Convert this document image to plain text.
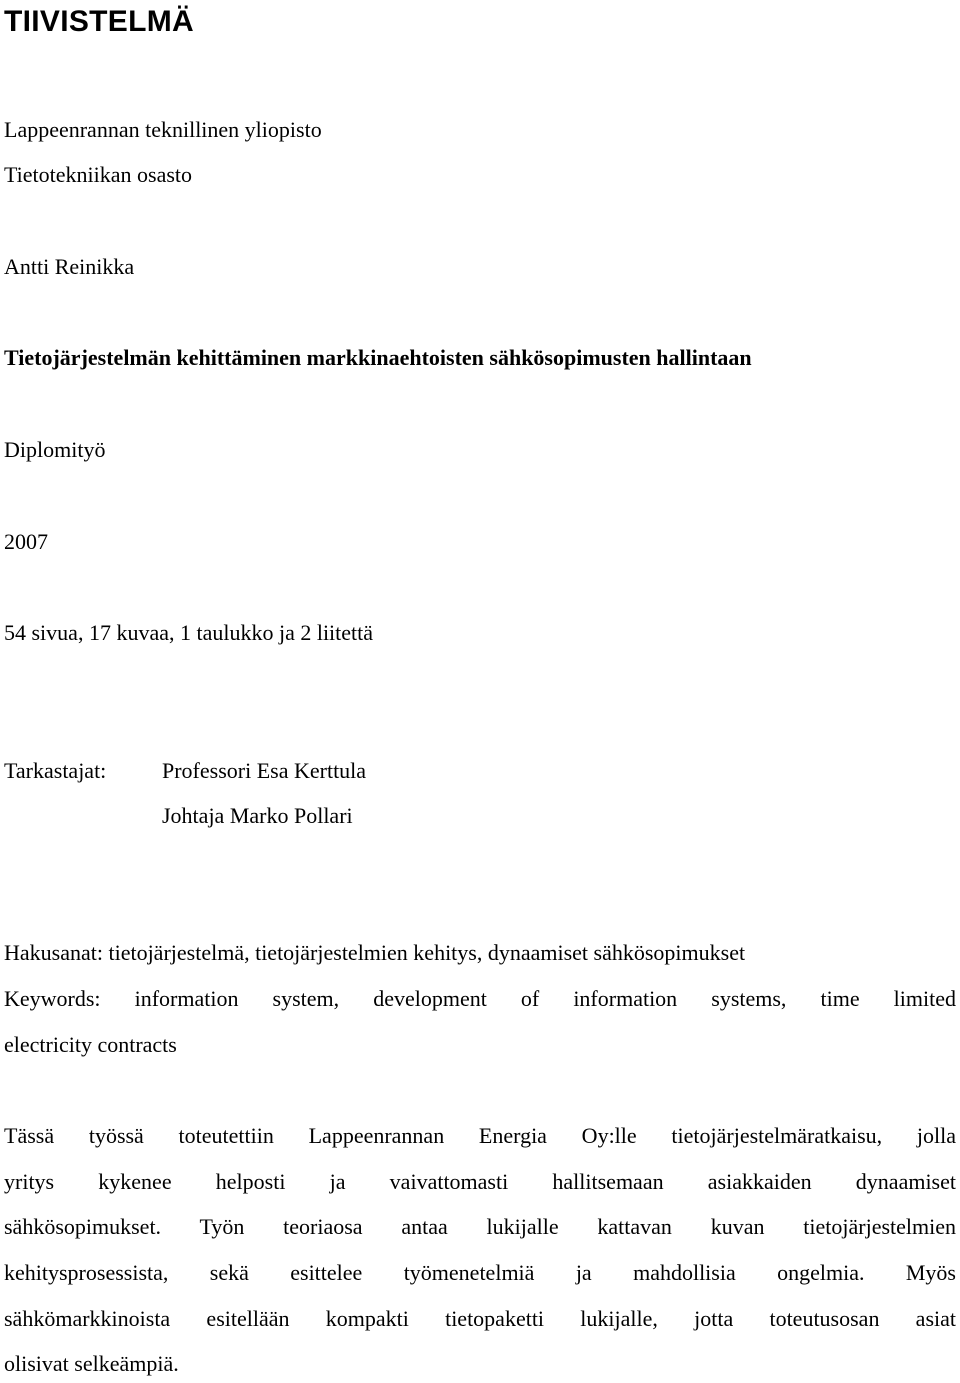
TIIVISTELMÄ

Lappeenrannan teknillinen yliopisto

Tietotekniikan osasto

Antti Reinikka

Tietojärjestelmän kehittäminen markkinaehtoisten sähkösopimusten hallintaan

Diplomityö

2007

54 sivua, 17 kuvaa, 1 taulukko ja 2 liitettä

Tarkastajat:	Professori Esa Kerttula
Johtaja Marko Pollari

Hakusanat: tietojärjestelmä, tietojärjestelmien kehitys, dynaamiset sähkösopimukset

Keywords: information system, development of information systems, time limited
electricity contracts
Tässä työssä toteutettiin Lappeenrannan Energia Oy:lle tietojärjestelmäratkaisu, jolla
yritys kykenee helposti ja vaivattomasti hallitsemaan asiakkaiden dynaamiset
sähkösopimukset. Työn teoriaosa antaa lukijalle kattavan kuvan tietojärjestelmien
kehitysprosessista, sekä esittelee työmenetelmiä ja mahdollisia ongelmia. Myös
sähkömarkkinoista esitellään kompakti tietopaketti lukijalle, jotta toteutusosan asiat
olisivat selkeämpiä.
